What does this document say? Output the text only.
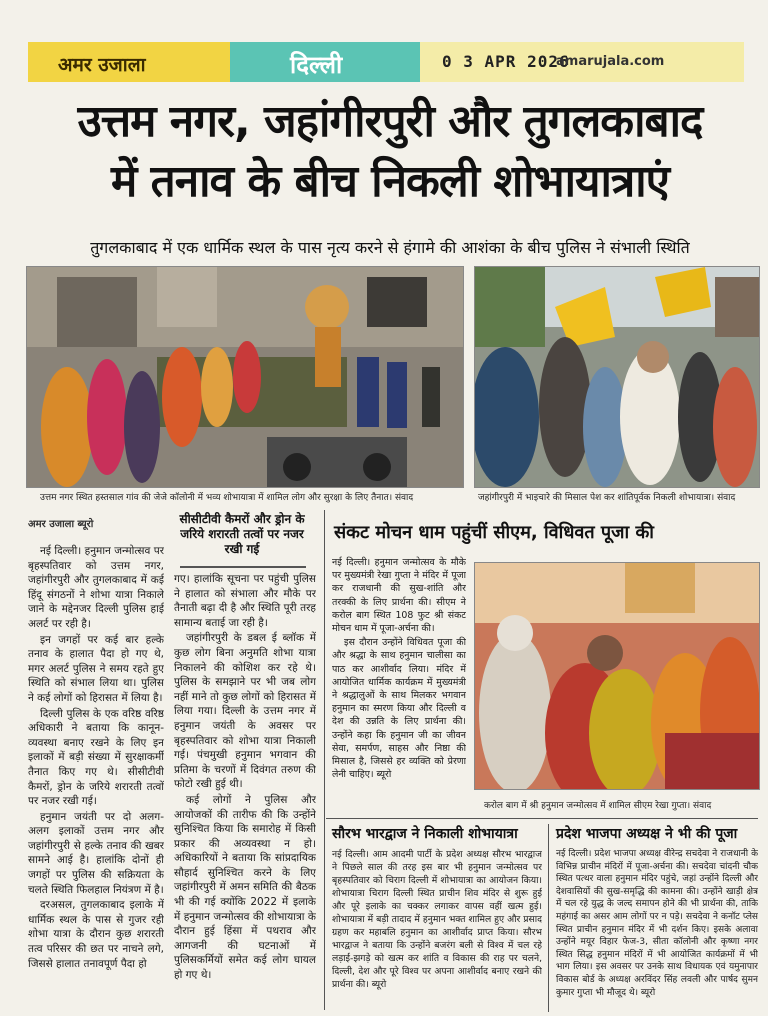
अमर उजाला	दिल्ली	0 3 APR 2026
amarujala.com
उत्तम नगर, जहांगीरपुरी और तुगलकाबाद
में तनाव के बीच निकली शोभायात्राएं
तुगलकाबाद में एक धार्मिक स्थल के पास नृत्य करने से हंगामे की आशंका के बीच पुलिस ने संभाली स्थिति
उत्तम नगर स्थित हस्तसाल गांव की जेजे कॉलोनी में भव्य शोभायात्रा में शामिल लोग और सुरक्षा के लिए तैनात। संवाद	जहांगीरपुरी में भाइचारे की मिसाल पेश कर शांतिपूर्वक निकली शोभायात्रा। संवाद
अमर उजाला ब्यूरो

नई दिल्ली। हनुमान जन्मोत्सव पर बृहस्पतिवार को उत्तम नगर, जहांगीरपुरी और तुगलकाबाद में कई हिंदू संगठनों ने शोभा यात्रा निकाले जाने के मद्देनजर दिल्ली पुलिस हाई अलर्ट पर रही है।

इन जगहों पर कई बार हल्के तनाव के हालात पैदा हो गए थे, मगर अलर्ट पुलिस ने समय रहते हुए स्थिति को संभाल लिया था। पुलिस ने कई लोगों को हिरासत में लिया है।

दिल्ली पुलिस के एक वरिष्ठ वरिष्ठ अधिकारी ने बताया कि कानून-व्यवस्था बनाए रखने के लिए इन इलाकों में बड़ी संख्या में सुरक्षाकर्मी तैनात किए गए थे। सीसीटीवी कैमरों, ड्रोन के जरिये शरारती तत्वों पर नजर रखी गई।

हनुमान जयंती पर दो अलग-अलग इलाकों उत्तम नगर और जहांगीरपुरी से हल्के तनाव की खबर सामने आई है। हालांकि दोनों ही जगहों पर पुलिस की सक्रियता के चलते स्थिति फिलहाल नियंत्रण में है।

दरअसल, तुगलकाबाद इलाके में धार्मिक स्थल के पास से गुजर रही शोभा यात्रा के दौरान कुछ शरारती तत्व परिसर की छत पर नाचने लगे, जिससे हालात तनावपूर्ण पैदा हो

सीसीटीवी कैमरों और ड्रोन के जरिये शरारती तत्वों पर नजर रखी गई

गए। हालांकि सूचना पर पहुंची पुलिस ने हालात को संभाला और मौके पर तैनाती बढ़ा दी है और स्थिति पूरी तरह सामान्य बताई जा रही है।

जहांगीरपुरी के डबल ई ब्लॉक में कुछ लोग बिना अनुमति शोभा यात्रा निकालने की कोशिश कर रहे थे। पुलिस के समझाने पर भी जब लोग नहीं माने तो कुछ लोगों को हिरासत में लिया गया। दिल्ली के उत्तम नगर में हनुमान जयंती के अवसर पर बृहस्पतिवार को शोभा यात्रा निकाली गई। पंचमुखी हनुमान भगवान की प्रतिमा के चरणों में दिवंगत तरुण की फोटो रखी हुई थी।

कई लोगों ने पुलिस और आयोजकों की तारीफ की कि उन्होंने सुनिश्चित किया कि समारोह में किसी प्रकार की अव्यवस्था न हो। अधिकारियों ने बताया कि सांप्रदायिक सौहार्द सुनिश्चित करने के लिए जहांगीरपुरी में अमन समिति की बैठक भी की गई क्योंकि 2022 में इलाके में हनुमान जन्मोत्सव की शोभायात्रा के दौरान हुई हिंसा में पथराव और आगजनी की घटनाओं में पुलिसकर्मियों समेत कई लोग घायल हो गए थे।

संकट मोचन धाम पहुंचीं सीएम, विधिवत पूजा की

नई दिल्ली। हनुमान जन्मोत्सव के मौके पर मुख्यमंत्री रेखा गुप्ता ने मंदिर में पूजा कर राजधानी की सुख-शांति और तरक्की के लिए प्रार्थना की। सीएम ने करोल बाग स्थित 108 फुट श्री संकट मोचन धाम में पूजा-अर्चना की।

इस दौरान उन्होंने विधिवत पूजा की और श्रद्धा के साथ हनुमान चालीसा का पाठ कर आशीर्वाद लिया। मंदिर में आयोजित धार्मिक कार्यक्रम में मुख्यमंत्री ने श्रद्धालुओं के साथ मिलकर भगवान हनुमान का स्मरण किया और दिल्ली व देश की उन्नति के लिए प्रार्थना की। उन्होंने कहा कि हनुमान जी का जीवन सेवा, समर्पण, साहस और निष्ठा की मिसाल है, जिससे हर व्यक्ति को प्रेरणा लेनी चाहिए। ब्यूरो

करोल बाग में श्री हनुमान जन्मोत्सव में शामिल सीएम रेखा गुप्ता। संवाद
सौरभ भारद्वाज ने निकाली शोभायात्रा

नई दिल्ली। आम आदमी पार्टी के प्रदेश अध्यक्ष सौरभ भारद्वाज ने पिछले साल की तरह इस बार भी हनुमान जन्मोत्सव पर बृहस्पतिवार को चिराग दिल्ली में शोभायात्रा का आयोजन किया। शोभायात्रा चिराग दिल्ली स्थित प्राचीन शिव मंदिर से शुरू हुई और पूरे इलाके का चक्कर लगाकर वापस वहीं खत्म हुई। शोभायात्रा में बड़ी तादाद में हनुमान भक्त शामिल हुए और प्रसाद ग्रहण कर महाबलि हनुमान का आशीर्वाद प्राप्त किया। सौरभ भारद्वाज ने बताया कि उन्होंने बजरंग बली से विश्व में चल रहे लड़ाई-झगड़े को खत्म कर शांति व विकास की राह पर चलने, दिल्ली, देश और पूरे विश्व पर अपना आशीर्वाद बनाए रखने की प्रार्थना की। ब्यूरो

प्रदेश भाजपा अध्यक्ष ने भी की पूजा

नई दिल्ली। प्रदेश भाजपा अध्यक्ष वीरेन्द्र सचदेवा ने राजधानी के विभिन्न प्राचीन मंदिरों में पूजा-अर्चना की। सचदेवा चांदनी चौक स्थित पत्थर वाला हनुमान मंदिर पहुंचे, जहां उन्होंने दिल्ली और देशवासियों की सुख-समृद्धि की कामना की। उन्होंने खाड़ी क्षेत्र में चल रहे युद्ध के जल्द समापन होने की भी प्रार्थना की, ताकि महंगाई का असर आम लोगों पर न पड़े। सचदेवा ने कनॉट प्लेस स्थित प्राचीन हनुमान मंदिर में भी दर्शन किए। इसके अलावा उन्होंने मयूर विहार फेज-3, सीता कॉलोनी और कृष्णा नगर स्थित सिद्ध हनुमान मंदिरों में भी आयोजित कार्यक्रमों में भी भाग लिया। इस अवसर पर उनके साथ विधायक एवं यमुनापार विकास बोर्ड के अध्यक्ष अरविंदर सिंह लवली और पार्षद सुमन कुमार गुप्ता भी मौजूद थे। ब्यूरो
